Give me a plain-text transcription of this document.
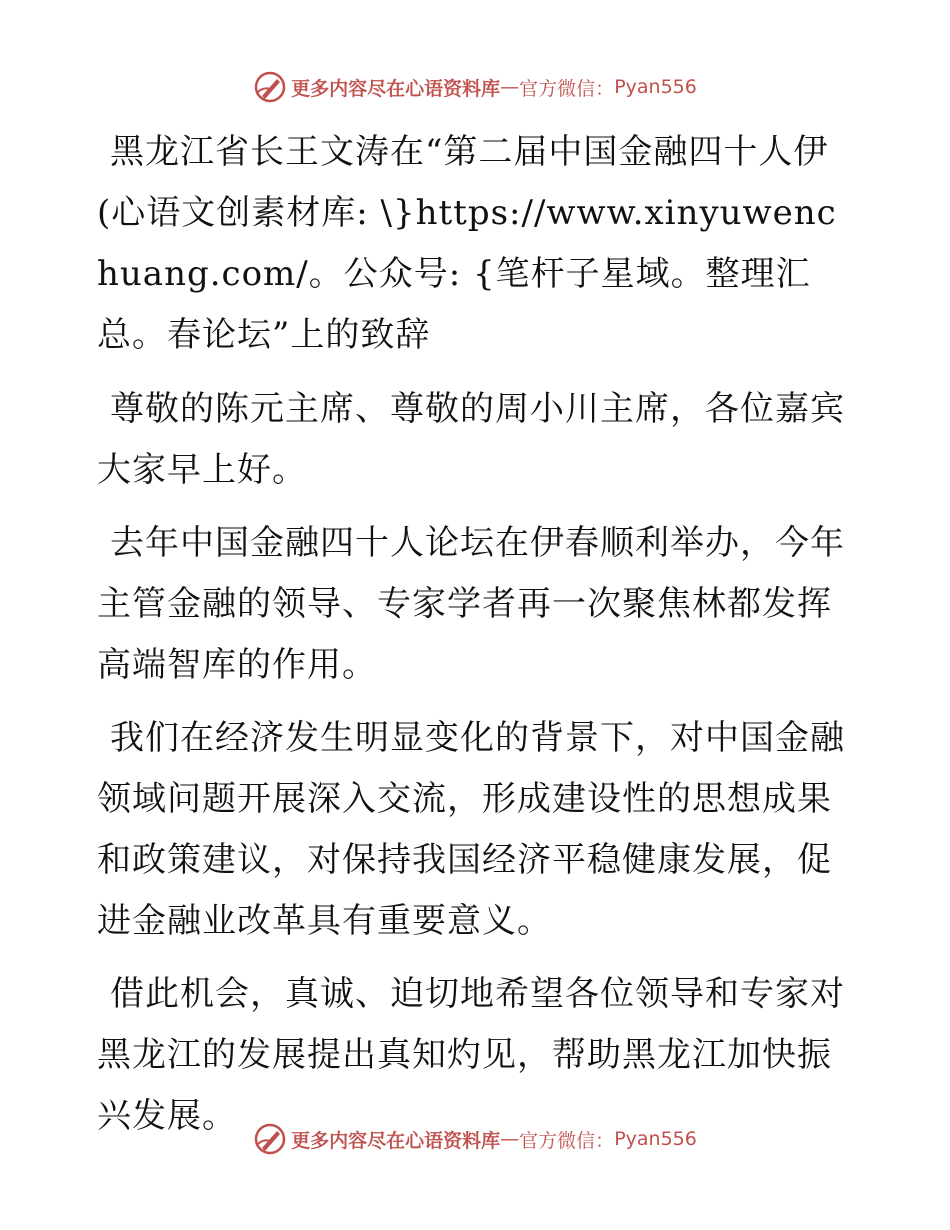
更多内容尽在心语资料库 — 官方微信： Pyan556

黑龙江省长王文涛在“第二届中国金融四十人伊(心语文创素材库: \}https://www.xinyuwenchuang.com/。公众号: {笔杆子星域。整理汇总。春论坛”上的致辞

尊敬的陈元主席、尊敬的周小川主席，各位嘉宾大家早上好。

去年中国金融四十人论坛在伊春顺利举办，今年主管金融的领导、专家学者再一次聚焦林都发挥高端智库的作用。

我们在经济发生明显变化的背景下，对中国金融领域问题开展深入交流，形成建设性的思想成果和政策建议，对保持我国经济平稳健康发展，促进金融业改革具有重要意义。

借此机会，真诚、迫切地希望各位领导和专家对黑龙江的发展提出真知灼见，帮助黑龙江加快振兴发展。

更多内容尽在心语资料库 — 官方微信： Pyan556
